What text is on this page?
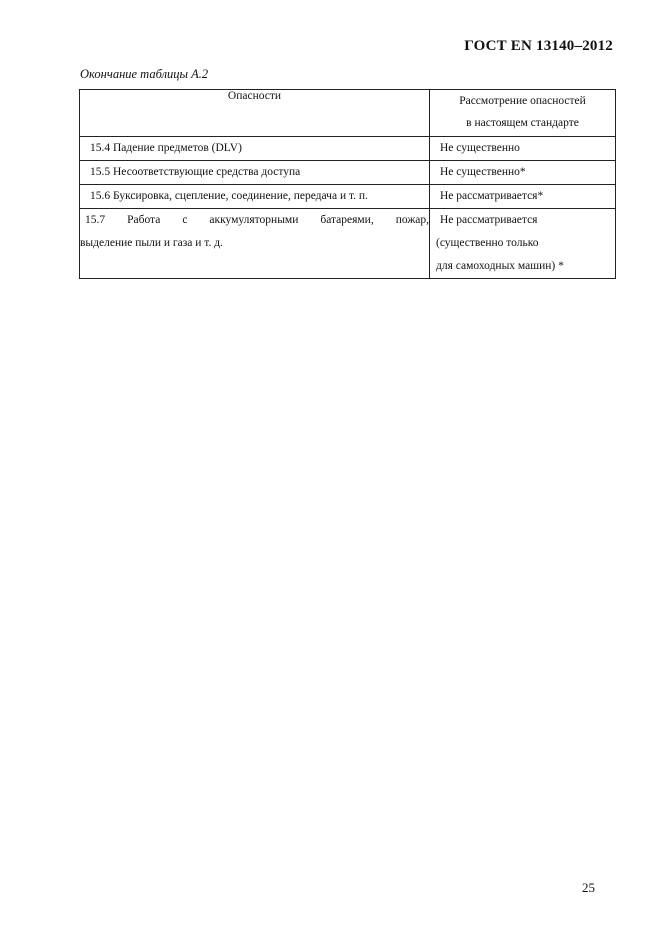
ГОСТ EN 13140–2012
Окончание таблицы А.2
Опасности	Рассмотрение опасностей
в настоящем стандарте

15.4 Падение предметов (DLV)	Не существенно

15.5 Несоответствующие средства доступа	Не существенно*

15.6 Буксировка, сцепление, соединение, передача и т. п.	Не рассматривается*

15.7 Работа с аккумуляторными батареями, пожар,
выделение пыли и газа и т. д.	Не рассматривается
(существенно только
для самоходных машин) *
25
